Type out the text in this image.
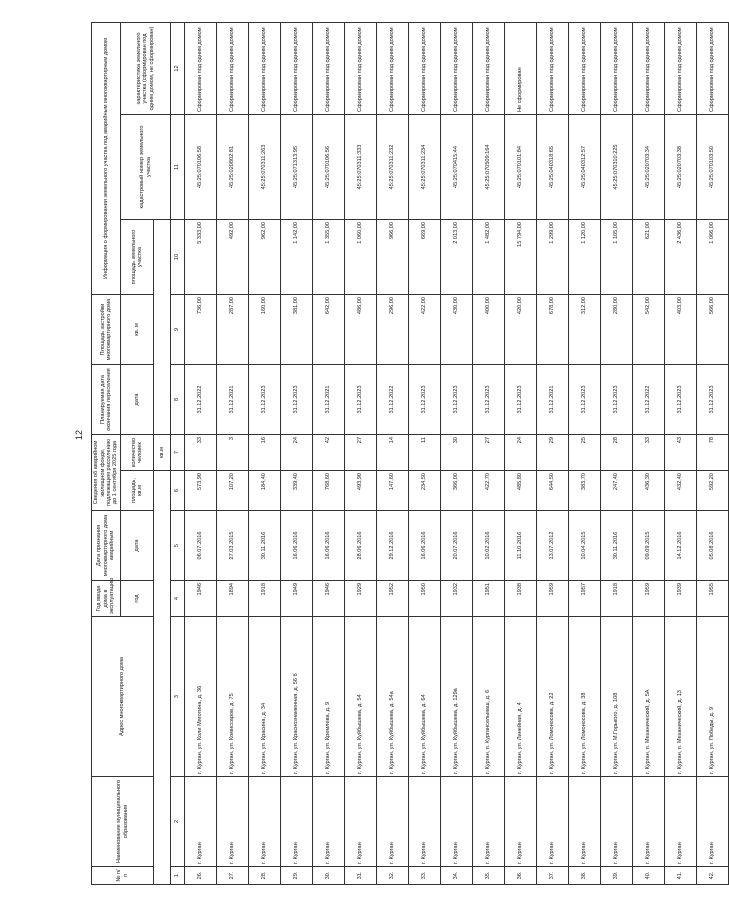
12
№ п/п	Наименование муниципального образования	Адрес многоквартирного дома	Год ввода дома в эксплуатацию	Дата признания многоквартирного дома аварийным	Сведения об аварийном жилищном фонде, подлежащем расселению до 1 сентября 2025 года		Планируемая дата окончания переселения	Площадь застройки многоквартирного дома	Информация о формировании земельного участка под аварийным многоквартирным домом		
									площадь земельного участка	кадастровый номер земельного участка	характеристика земельного участка (сформирован под одним домом, не сформирован)
			год	дата	площадь, кв.м	количество человек	дата	кв. м			
						кв.м					
1	2	3	4	5	6	7	8	9	10	11	12
26.	г. Курган	г. Курган, ул. Коли Мяготина, д. 36	1946	06.07.2016	573,90	33	31.12.2022	736,00	5 333,00	45:25:070106:58	Сформирован под одним домом
27.	г. Курган	г. Курган, ул. Комиссаров, д. 75	1894	27.03.2015	107,20	3	31.12.2021	287,00	492,00	45:25:020802:81	Сформирован под одним домом
28.	г. Курган	г. Курган, ул. Красина, д. 34	1918	30.11.2016	184,40	16	31.12.2023	160,00	962,00	45:25:070311:263	Сформирован под одним домом
29.	г. Курган	г. Курган, ул. Краснознаменная, д. 56 б	1949	16.06.2016	339,40	24	31.12.2023	381,00	1 142,00	45:25:071313:95	Сформирован под одним домом
30.	г. Курган	г. Курган, ул. Кремлева, д. 9	1946	16.06.2016	768,60	42	31.12.2021	642,00	1 355,00	45:25:070106:56	Сформирован под одним домом
31.	г. Курган	г. Курган, ул. Куйбышева, д. 54	1929	28.06.2016	493,90	27	31.12.2023	486,00	1 060,00	45:25:070311:333	Сформирован под одним домом
32.	г. Курган	г. Курган, ул. Куйбышева, д. 54а	1952	29.12.2016	147,60	14	31.12.2022	296,00	966,00	45:25:070311:232	Сформирован под одним домом
33.	г. Курган	г. Курган, ул. Куйбышева, д. 64	1950	16.06.2016	234,50	11	31.12.2023	422,00	669,00	45:25:070311:234	Сформирован под одним домом
34.	г. Курган	г. Курган, ул. Куйбышева, д. 129а	1932	20.07.2016	366,00	30	31.12.2023	430,00	2 013,00	45:25:070415:44	Сформирован под одним домом
35.	г. Курган	г. Курган, п. Кургансельмаш, д. 6	1951	10.02.2016	422,70	27	31.12.2023	400,00	1 482,00	45:25:070509:164	Сформирован под одним домом
36.	г. Курган	г. Курган, ул. Линейная, д. 4	1938	11.10.2016	485,80	24	31.12.2023	420,00	15 794,00	45:25:070101:84	Не сформирован
37.	г. Курган	г. Курган, ул. Ломоносова, д. 22	1959	13.07.2012	644,50	29	31.12.2021	678,00	1 299,00	45:25:040318:65	Сформирован под одним домом
38.	г. Курган	г. Курган, ул. Ломоносова, д. 38	1957	10.04.2015	383,70	25	31.12.2023	312,00	1 120,00	45:25:040312:57	Сформирован под одним домом
39.	г. Курган	г. Курган, ул. М.Горького, д. 108	1918	30.11.2016	247,40	28	31.12.2023	280,00	1 105,00	45:25:070310:225	Сформирован под одним домом
40.	г. Курган	г. Курган, п. Механический, д. 5А	1959	09.09.2015	436,30	33	31.12.2022	542,00	621,00	45:25:020703:34	Сформирован под одним домом
41.	г. Курган	г. Курган, п. Механический, д. 13	1939	14.12.2016	432,40	43	31.12.2023	403,00	2 436,00	45:25:020703:38	Сформирован под одним домом
42.	г. Курган	г. Курган, ул. Победы, д. 9	1955	05.08.2016	592,20	78	31.12.2023	566,00	1 066,00	45:25:070103:50	Сформирован под одним домом
